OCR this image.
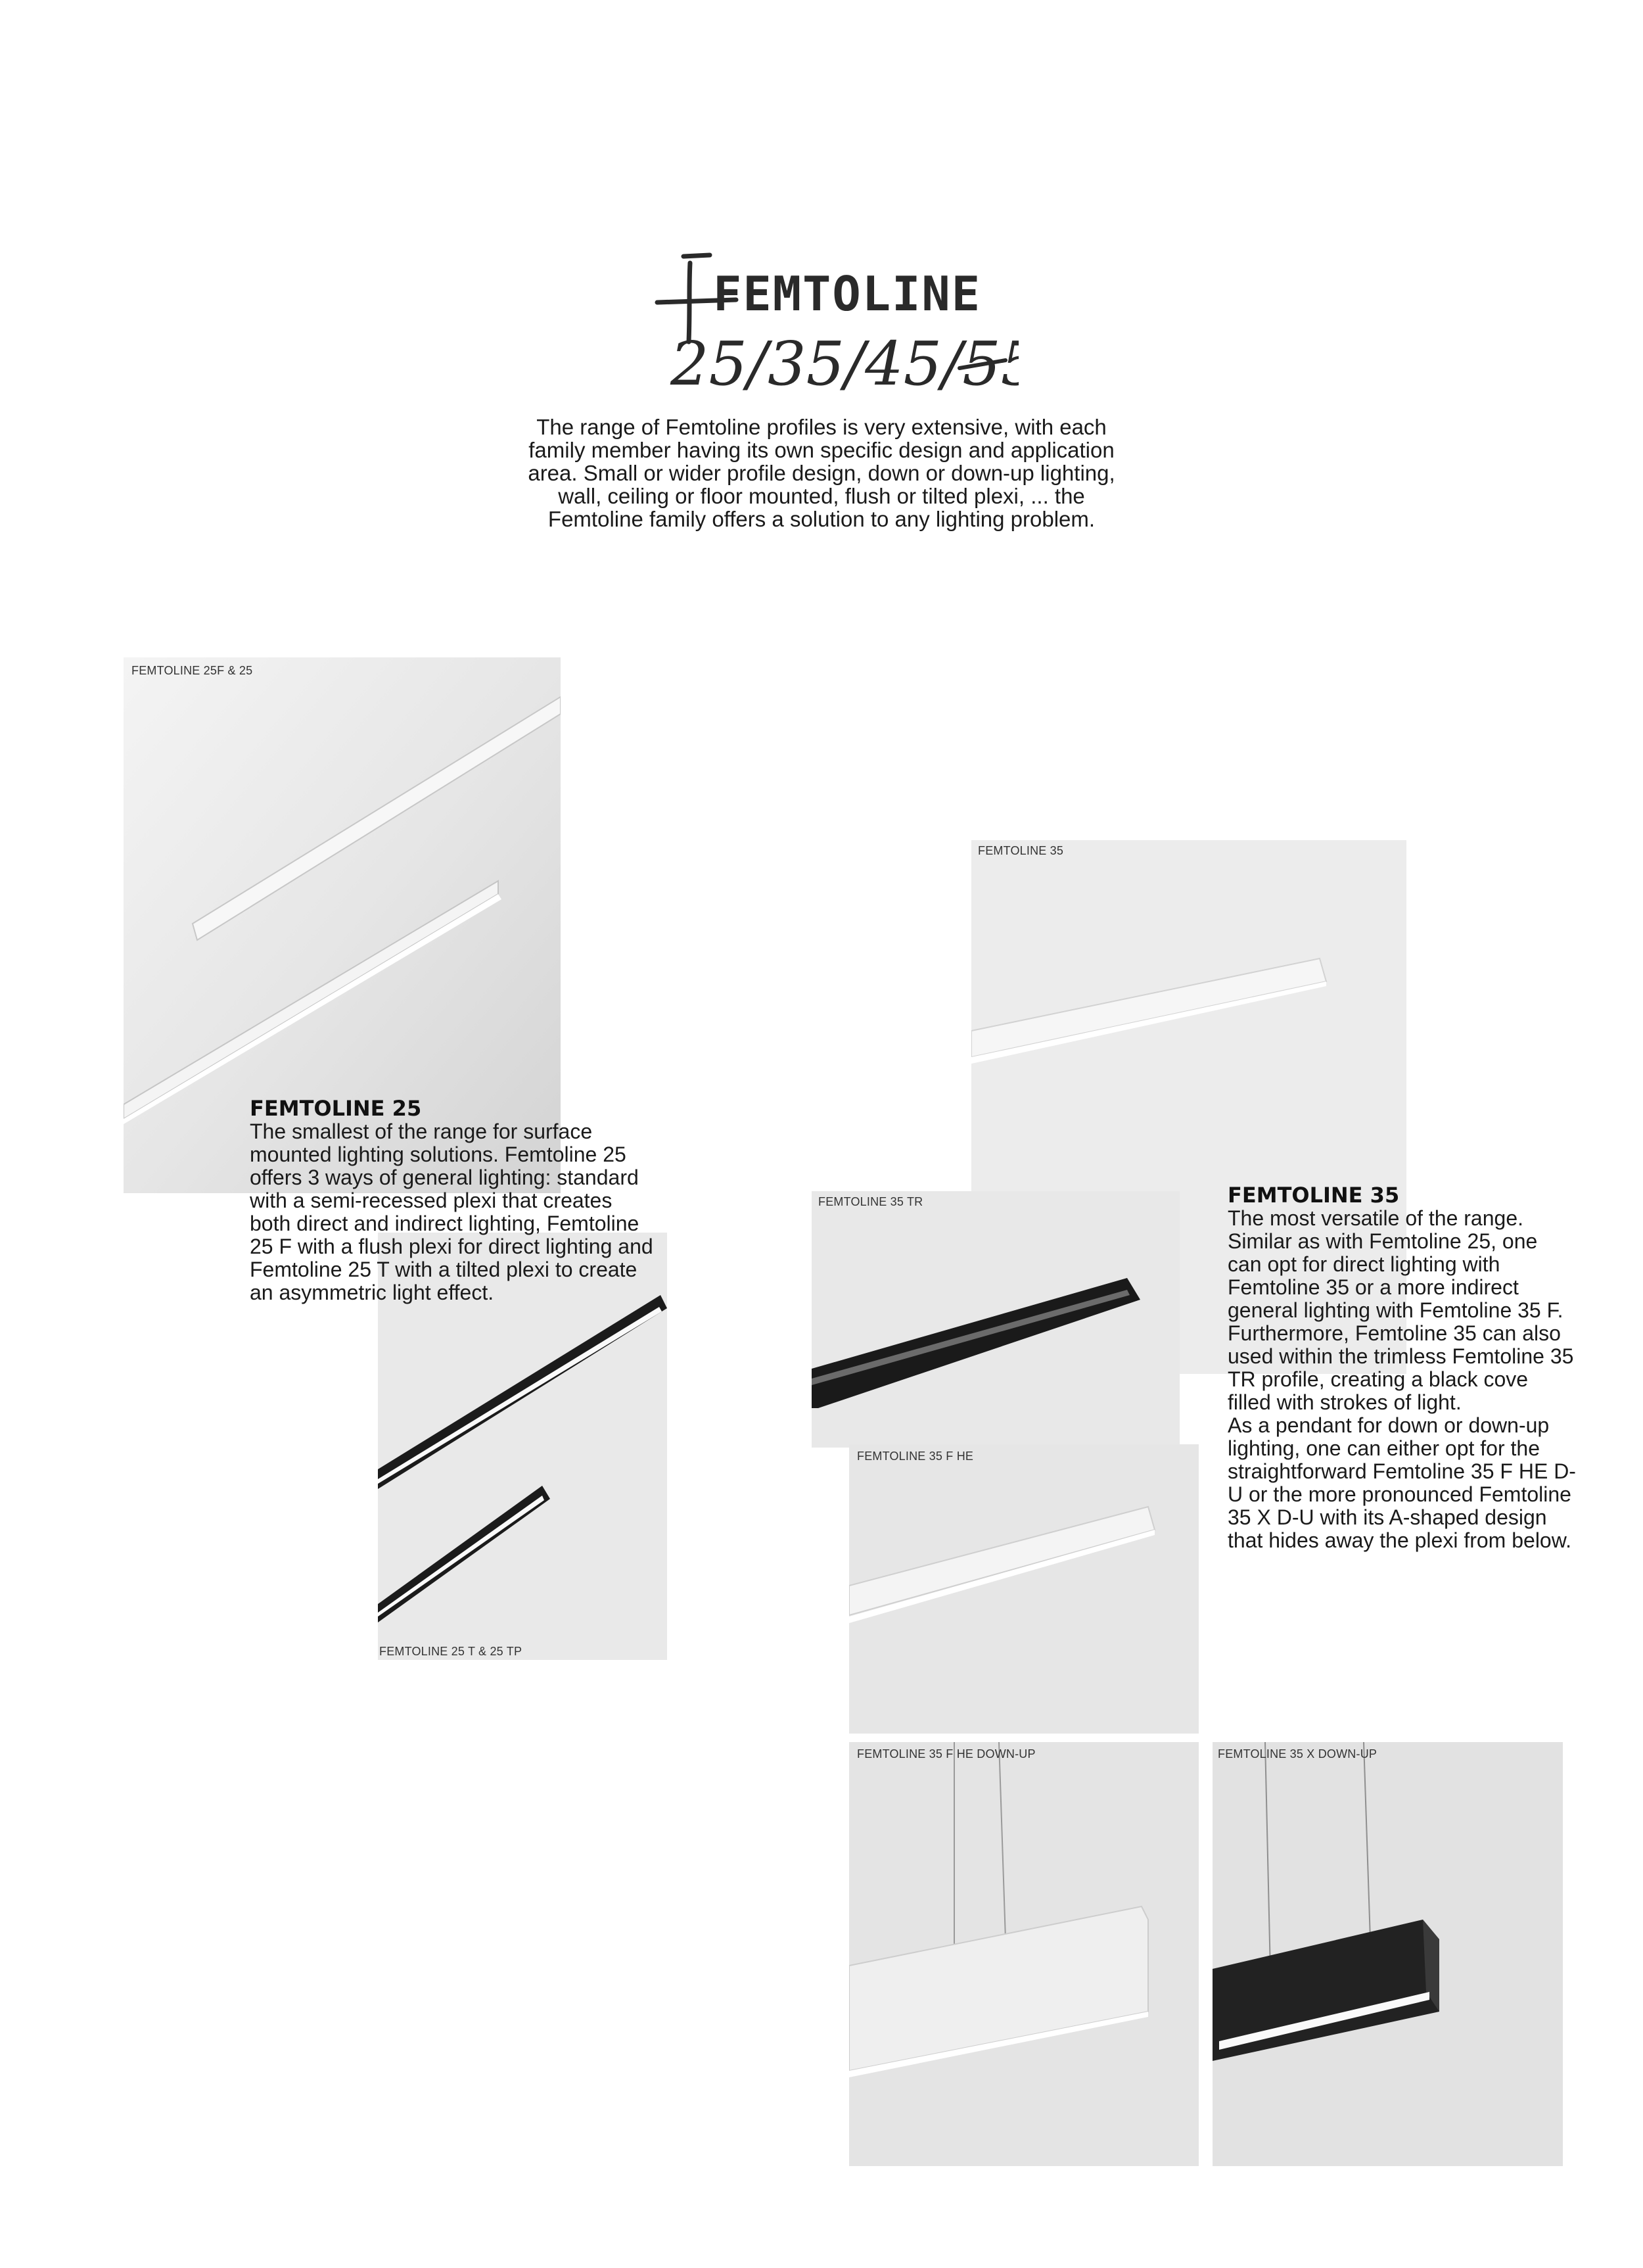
FEMTOLINE
25/35/45/55
The range of Femtoline profiles is very extensive, with each family member having its own specific design and application area. Small or wider profile design, down or down-up lighting, wall, ceiling or floor mounted, flush or tilted plexi, ... the Femtoline family offers a solution to any lighting problem.
FEMTOLINE 25F & 25
FEMTOLINE 25 T & 25 TP

FEMTOLINE 25

The smallest of the range for surface mounted lighting solutions. Femtoline 25 offers 3 ways of general lighting: standard with a semi-recessed plexi that creates both direct and indirect lighting, Femtoline 25 F with a flush plexi for direct lighting and Femtoline 25 T with a tilted plexi to create an asymmetric light effect.

FEMTOLINE 35
FEMTOLINE 35 TR
FEMTOLINE 35 F HE

FEMTOLINE 35

The most versatile of the range. Similar as with Femtoline 25, one can opt for direct lighting with Femtoline 35 or a more indirect general lighting with Femtoline 35 F. Furthermore, Femtoline 35 can also used within the trimless Femtoline 35 TR profile, creating a black cove filled with strokes of light.

As a pendant for down or down-up lighting, one can either opt for the straightforward Femtoline 35 F HE D-U or the more pronounced Femtoline 35 X D-U with its A-shaped design that hides away the plexi from below.

FEMTOLINE 35 F HE DOWN-UP	FEMTOLINE 35 X DOWN-UP
